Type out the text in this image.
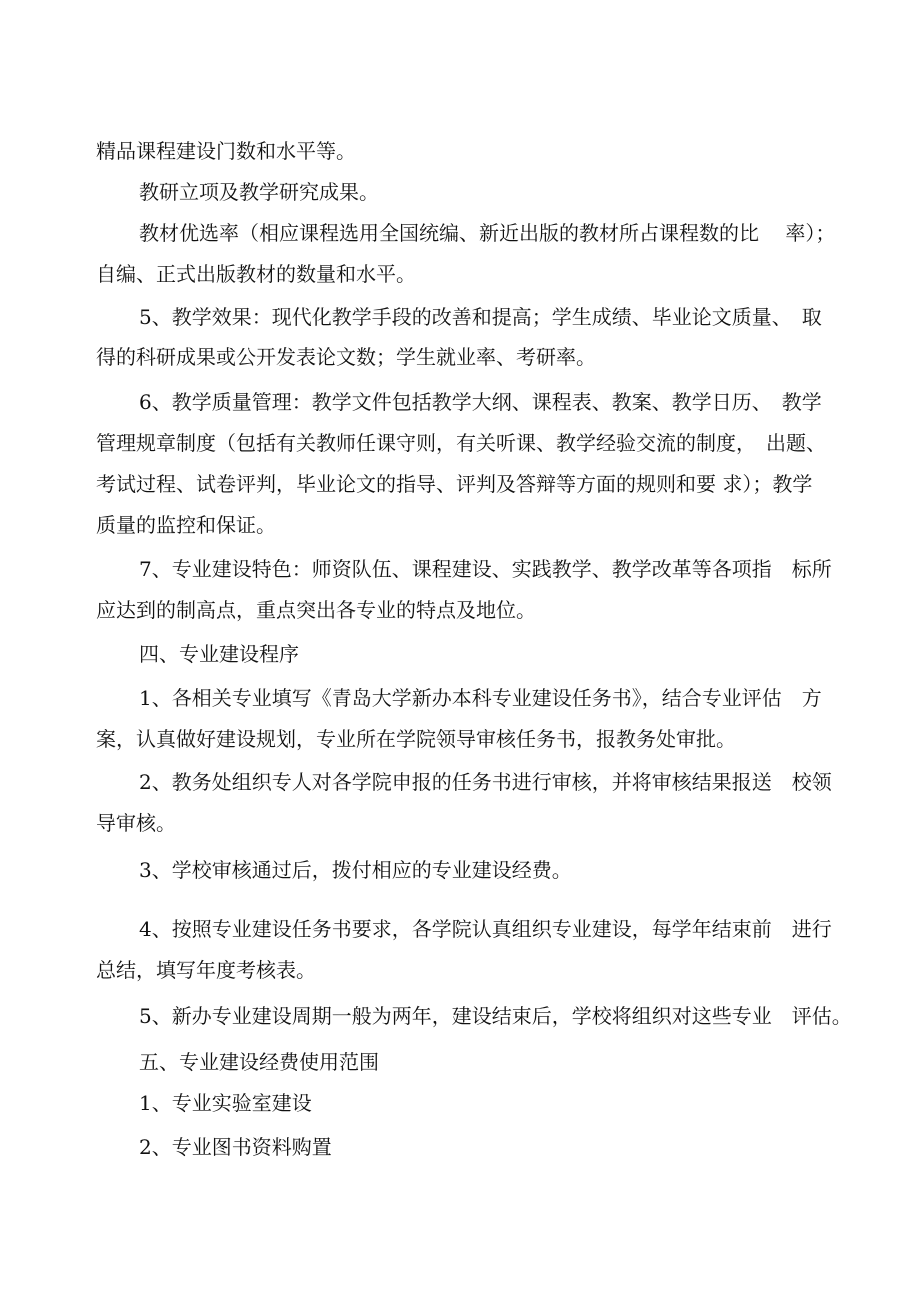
精品课程建设门数和水平等。

教研立项及教学研究成果。

教材优选率（相应课程选用全国统编、新近出版的教材所占课程数的比　 率）；

自编、正式出版教材的数量和水平。

5、教学效果：现代化教学手段的改善和提高；学生成绩、毕业论文质量、　取

得的科研成果或公开发表论文数；学生就业率、考研率。

6、教学质量管理：教学文件包括教学大纲、课程表、教案、教学日历、　教学

管理规章制度（包括有关教师任课守则，有关听课、教学经验交流的制度，　出题、

考试过程、试卷评判，毕业论文的指导、评判及答辩等方面的规则和要 求）；教学

质量的监控和保证。

7、专业建设特色：师资队伍、课程建设、实践教学、教学改革等各项指　标所

应达到的制高点，重点突出各专业的特点及地位。

四、专业建设程序

1、各相关专业填写《青岛大学新办本科专业建设任务书》，结合专业评估　方

案，认真做好建设规划，专业所在学院领导审核任务书，报教务处审批。

2、教务处组织专人对各学院申报的任务书进行审核，并将审核结果报送　校领

导审核。

3、学校审核通过后，拨付相应的专业建设经费。

4、按照专业建设任务书要求，各学院认真组织专业建设，每学年结束前　进行

总结，填写年度考核表。

5、新办专业建设周期一般为两年，建设结束后，学校将组织对这些专业　评估。

五、专业建设经费使用范围

1、专业实验室建设

2、专业图书资料购置
